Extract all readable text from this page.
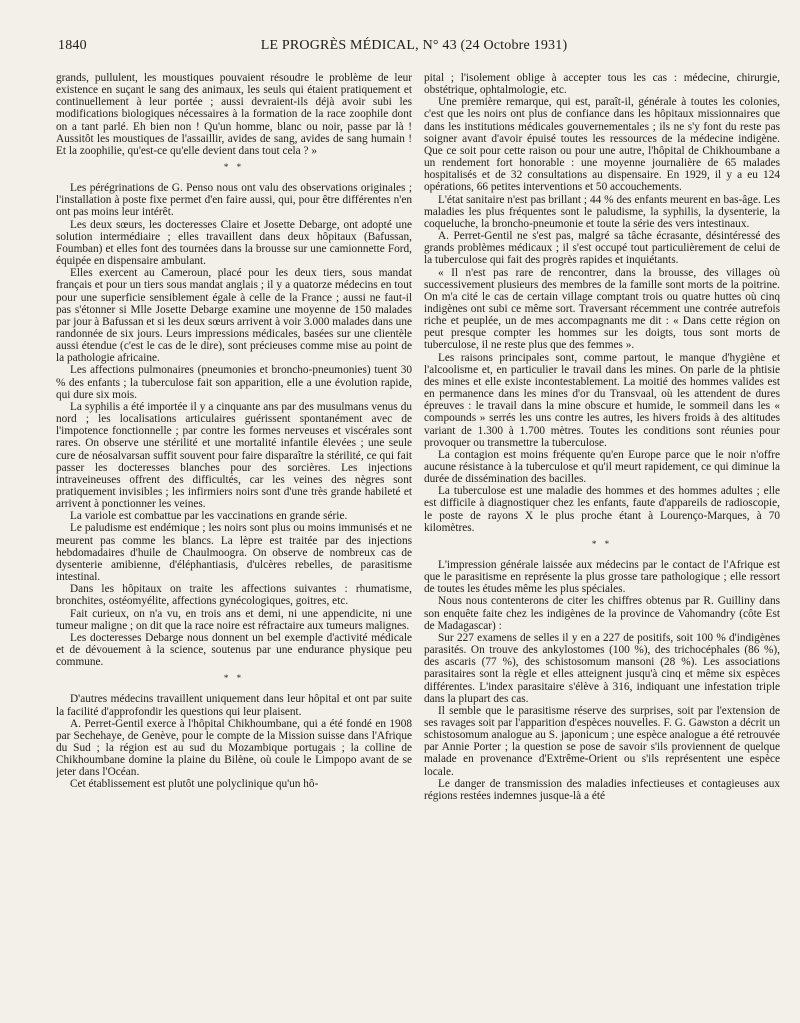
1840	LE PROGRÈS MÉDICAL, N° 43 (24 Octobre 1931)

grands, pullulent, les moustiques pouvaient résoudre le problème de leur existence en suçant le sang des animaux, les seuls qui étaient pratiquement et continuellement à leur portée ; aussi devraient-ils déjà avoir subi les modifications biologiques nécessaires à la formation de la race zoophile dont on a tant parlé. Eh bien non ! Qu'un homme, blanc ou noir, passe par là ! Aussitôt les moustiques de l'assaillir, avides de sang, avides de sang humain ! Et la zoophilie, qu'est-ce qu'elle devient dans tout cela ? »

* *

Les pérégrinations de G. Penso nous ont valu des observations originales ; l'installation à poste fixe permet d'en faire aussi, qui, pour être différentes n'en ont pas moins leur intérêt.

Les deux sœurs, les docteresses Claire et Josette Debarge, ont adopté une solution intermédiaire ; elles travaillent dans deux hôpitaux (Bafussan, Foumban) et elles font des tournées dans la brousse sur une camionnette Ford, équipée en dispensaire ambulant.

Elles exercent au Cameroun, placé pour les deux tiers, sous mandat français et pour un tiers sous mandat anglais ; il y a quatorze médecins en tout pour une superficie sensiblement égale à celle de la France ; aussi ne faut-il pas s'étonner si Mlle Josette Debarge examine une moyenne de 150 malades par jour à Bafussan et si les deux sœurs arrivent à voir 3.000 malades dans une randonnée de six jours. Leurs impressions médicales, basées sur une clientèle aussi étendue (c'est le cas de le dire), sont précieuses comme mise au point de la pathologie africaine.

Les affections pulmonaires (pneumonies et broncho-pneumonies) tuent 30 % des enfants ; la tuberculose fait son apparition, elle a une évolution rapide, qui dure six mois.

La syphilis a été importée il y a cinquante ans par des musulmans venus du nord ; les localisations articulaires guérissent spontanément avec de l'impotence fonctionnelle ; par contre les formes nerveuses et viscérales sont rares. On observe une stérilité et une mortalité infantile élevées ; une seule cure de néosalvarsan suffit souvent pour faire disparaître la stérilité, ce qui fait passer les docteresses blanches pour des sorcières. Les injections intraveineuses offrent des difficultés, car les veines des nègres sont pratiquement invisibles ; les infirmiers noirs sont d'une très grande habileté et arrivent à ponctionner les veines.

La variole est combattue par les vaccinations en grande série.

Le paludisme est endémique ; les noirs sont plus ou moins immunisés et ne meurent pas comme les blancs. La lèpre est traitée par des injections hebdomadaires d'huile de Chaulmoogra. On observe de nombreux cas de dysenterie amibienne, d'éléphantiasis, d'ulcères rebelles, de parasitisme intestinal.

Dans les hôpitaux on traite les affections suivantes : rhumatisme, bronchites, ostéomyélite, affections gynécologiques, goitres, etc.

Fait curieux, on n'a vu, en trois ans et demi, ni une appendicite, ni une tumeur maligne ; on dit que la race noire est réfractaire aux tumeurs malignes.

Les docteresses Debarge nous donnent un bel exemple d'activité médicale et de dévouement à la science, soutenus par une endurance physique peu commune.

* *

D'autres médecins travaillent uniquement dans leur hôpital et ont par suite la facilité d'approfondir les questions qui leur plaisent.

A. Perret-Gentil exerce à l'hôpital Chikhoumbane, qui a été fondé en 1908 par Sechehaye, de Genève, pour le compte de la Mission suisse dans l'Afrique du Sud ; la région est au sud du Mozambique portugais ; la colline de Chikhoumbane domine la plaine du Bilène, où coule le Limpopo avant de se jeter dans l'Océan.

Cet établissement est plutôt une polyclinique qu'un hô-

pital ; l'isolement oblige à accepter tous les cas : médecine, chirurgie, obstétrique, ophtalmologie, etc.

Une première remarque, qui est, paraît-il, générale à toutes les colonies, c'est que les noirs ont plus de confiance dans les hôpitaux missionnaires que dans les institutions médicales gouvernementales ; ils ne s'y font du reste pas soigner avant d'avoir épuisé toutes les ressources de la médecine indigène. Que ce soit pour cette raison ou pour une autre, l'hôpital de Chikhoumbane a un rendement fort honorable : une moyenne journalière de 65 malades hospitalisés et de 32 consultations au dispensaire. En 1929, il y a eu 124 opérations, 66 petites interventions et 50 accouchements.

L'état sanitaire n'est pas brillant ; 44 % des enfants meurent en bas-âge. Les maladies les plus fréquentes sont le paludisme, la syphilis, la dysenterie, la coqueluche, la broncho-pneumonie et toute la série des vers intestinaux.

A. Perret-Gentil ne s'est pas, malgré sa tâche écrasante, désintéressé des grands problèmes médicaux ; il s'est occupé tout particulièrement de celui de la tuberculose qui fait des progrès rapides et inquiétants.

« Il n'est pas rare de rencontrer, dans la brousse, des villages où successivement plusieurs des membres de la famille sont morts de la poitrine. On m'a cité le cas de certain village comptant trois ou quatre huttes où cinq indigènes ont subi ce même sort. Traversant récemment une contrée autrefois riche et peuplée, un de mes accompagnants me dit : « Dans cette région on peut presque compter les hommes sur les doigts, tous sont morts de tuberculose, il ne reste plus que des femmes ».

Les raisons principales sont, comme partout, le manque d'hygiène et l'alcoolisme et, en particulier le travail dans les mines. On parle de la phtisie des mines et elle existe incontestablement. La moitié des hommes valides est en permanence dans les mines d'or du Transvaal, où les attendent de dures épreuves : le travail dans la mine obscure et humide, le sommeil dans les « compounds » serrés les uns contre les autres, les hivers froids à des altitudes variant de 1.300 à 1.700 mètres. Toutes les conditions sont réunies pour provoquer ou transmettre la tuberculose.

La contagion est moins fréquente qu'en Europe parce que le noir n'offre aucune résistance à la tuberculose et qu'il meurt rapidement, ce qui diminue la durée de dissémination des bacilles.

La tuberculose est une maladie des hommes et des hommes adultes ; elle est difficile à diagnostiquer chez les enfants, faute d'appareils de radioscopie, le poste de rayons X le plus proche étant à Lourenço-Marques, à 70 kilomètres.

* *

L'impression générale laissée aux médecins par le contact de l'Afrique est que le parasitisme en représente la plus grosse tare pathologique ; elle ressort de toutes les études même les plus spéciales.

Nous nous contenterons de citer les chiffres obtenus par R. Guilliny dans son enquête faite chez les indigènes de la province de Vahomandry (côte Est de Madagascar) :

Sur 227 examens de selles il y en a 227 de positifs, soit 100 % d'indigènes parasités. On trouve des ankylostomes (100 %), des trichocéphales (86 %), des ascaris (77 %), des schistosomum mansoni (28 %). Les associations parasitaires sont la règle et elles atteignent jusqu'à cinq et même six espèces différentes. L'index parasitaire s'élève à 316, indiquant une infestation triple dans la plupart des cas.

Il semble que le parasitisme réserve des surprises, soit par l'extension de ses ravages soit par l'apparition d'espèces nouvelles. F. G. Gawston a décrit un schistosomum analogue au S. japonicum ; une espèce analogue a été retrouvée par Annie Porter ; la question se pose de savoir s'ils proviennent de quelque malade en provenance d'Extrême-Orient ou s'ils représentent une espèce locale.

Le danger de transmission des maladies infectieuses et contagieuses aux régions restées indemnes jusque-là a été
